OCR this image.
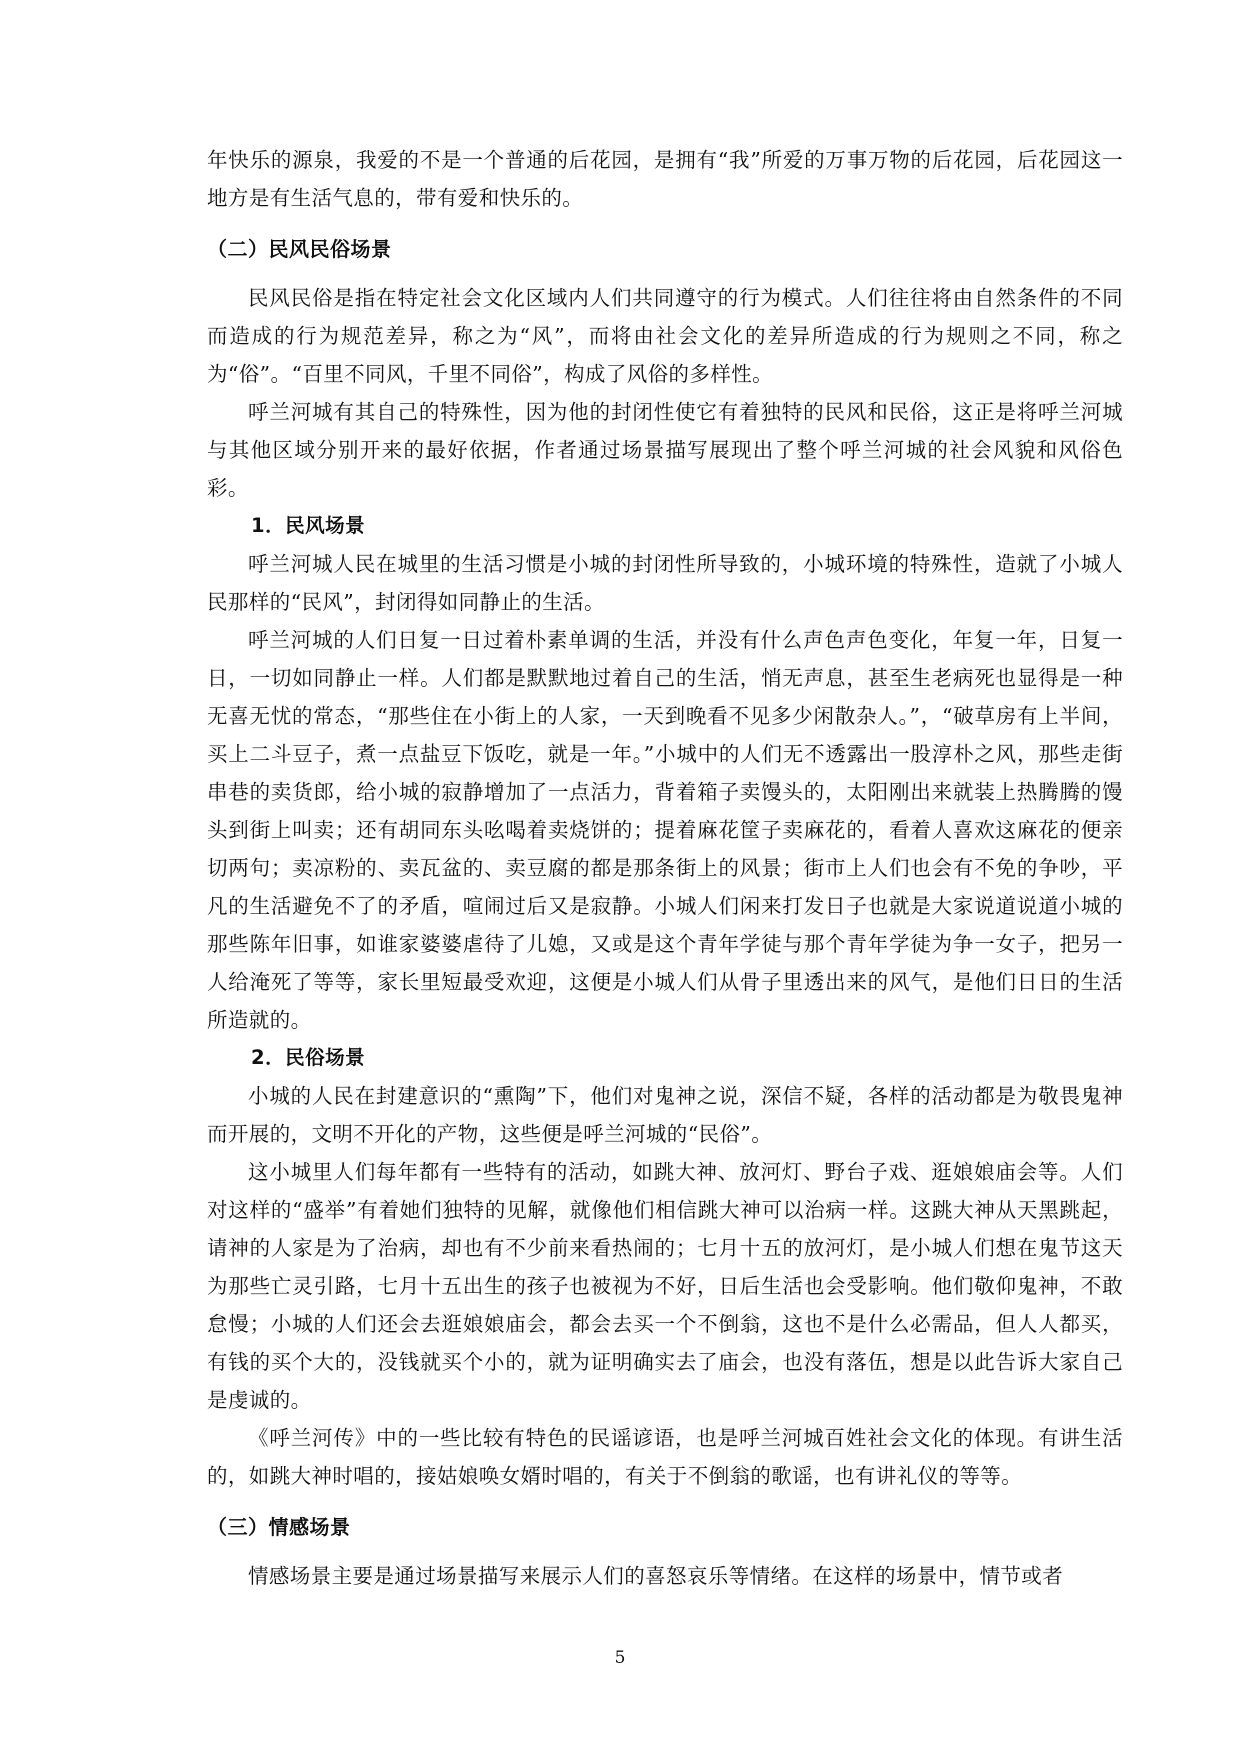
年快乐的源泉，我爱的不是一个普通的后花园，是拥有“我”所爱的万事万物的后花园，后花园这一地方是有生活气息的，带有爱和快乐的。

（二）民风民俗场景

民风民俗是指在特定社会文化区域内人们共同遵守的行为模式。人们往往将由自然条件的不同而造成的行为规范差异，称之为“风”，而将由社会文化的差异所造成的行为规则之不同，称之为“俗”。“百里不同风，千里不同俗”，构成了风俗的多样性。

呼兰河城有其自己的特殊性，因为他的封闭性使它有着独特的民风和民俗，这正是将呼兰河城与其他区域分别开来的最好依据，作者通过场景描写展现出了整个呼兰河城的社会风貌和风俗色彩。

1．民风场景

呼兰河城人民在城里的生活习惯是小城的封闭性所导致的，小城环境的特殊性，造就了小城人民那样的“民风”，封闭得如同静止的生活。

呼兰河城的人们日复一日过着朴素单调的生活，并没有什么声色声色变化，年复一年，日复一日，一切如同静止一样。人们都是默默地过着自己的生活，悄无声息，甚至生老病死也显得是一种无喜无忧的常态，“那些住在小街上的人家，一天到晚看不见多少闲散杂人。”，“破草房有上半间，买上二斗豆子，煮一点盐豆下饭吃，就是一年。”小城中的人们无不透露出一股淳朴之风，那些走街串巷的卖货郎，给小城的寂静增加了一点活力，背着箱子卖馒头的，太阳刚出来就装上热腾腾的馒头到街上叫卖；还有胡同东头吆喝着卖烧饼的；提着麻花筐子卖麻花的，看着人喜欢这麻花的便亲切两句；卖凉粉的、卖瓦盆的、卖豆腐的都是那条街上的风景；街市上人们也会有不免的争吵，平凡的生活避免不了的矛盾，喧闹过后又是寂静。小城人们闲来打发日子也就是大家说道说道小城的那些陈年旧事，如谁家婆婆虐待了儿媳，又或是这个青年学徒与那个青年学徒为争一女子，把另一人给淹死了等等，家长里短最受欢迎，这便是小城人们从骨子里透出来的风气，是他们日日的生活所造就的。

2．民俗场景

小城的人民在封建意识的“熏陶”下，他们对鬼神之说，深信不疑，各样的活动都是为敬畏鬼神而开展的，文明不开化的产物，这些便是呼兰河城的“民俗”。

这小城里人们每年都有一些特有的活动，如跳大神、放河灯、野台子戏、逛娘娘庙会等。人们对这样的“盛举”有着她们独特的见解，就像他们相信跳大神可以治病一样。这跳大神从天黑跳起，请神的人家是为了治病，却也有不少前来看热闹的；七月十五的放河灯，是小城人们想在鬼节这天为那些亡灵引路，七月十五出生的孩子也被视为不好，日后生活也会受影响。他们敬仰鬼神，不敢怠慢；小城的人们还会去逛娘娘庙会，都会去买一个不倒翁，这也不是什么必需品，但人人都买，有钱的买个大的，没钱就买个小的，就为证明确实去了庙会，也没有落伍，想是以此告诉大家自己是虔诚的。

《呼兰河传》中的一些比较有特色的民谣谚语，也是呼兰河城百姓社会文化的体现。有讲生活的，如跳大神时唱的，接姑娘唤女婿时唱的，有关于不倒翁的歌谣，也有讲礼仪的等等。

（三）情感场景

情感场景主要是通过场景描写来展示人们的喜怒哀乐等情绪。在这样的场景中，情节或者

5
